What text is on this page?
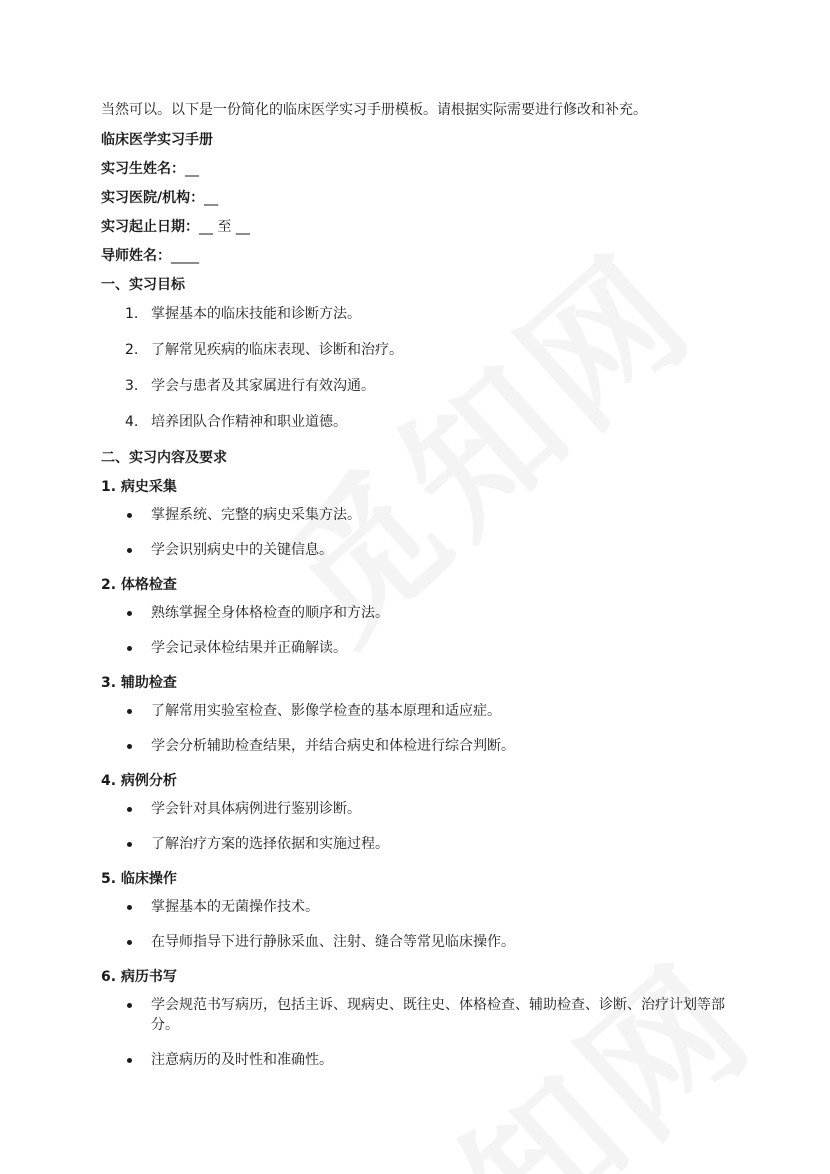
当然可以。以下是一份简化的临床医学实习手册模板。请根据实际需要进行修改和补充。

临床医学实习手册

实习生姓名：__

实习医院/机构：__

实习起止日期：__ 至 __

导师姓名：____

一、实习目标

1. 掌握基本的临床技能和诊断方法。
2. 了解常见疾病的临床表现、诊断和治疗。
3. 学会与患者及其家属进行有效沟通。
4. 培养团队合作精神和职业道德。

二、实习内容及要求

1. 病史采集

掌握系统、完整的病史采集方法。
学会识别病史中的关键信息。

2. 体格检查

熟练掌握全身体格检查的顺序和方法。
学会记录体检结果并正确解读。

3. 辅助检查

了解常用实验室检查、影像学检查的基本原理和适应症。
学会分析辅助检查结果，并结合病史和体检进行综合判断。

4. 病例分析

学会针对具体病例进行鉴别诊断。
了解治疗方案的选择依据和实施过程。

5. 临床操作

掌握基本的无菌操作技术。
在导师指导下进行静脉采血、注射、缝合等常见临床操作。

6. 病历书写

学会规范书写病历，包括主诉、现病史、既往史、体格检查、辅助检查、诊断、治疗计划等部分。
注意病历的及时性和准确性。
